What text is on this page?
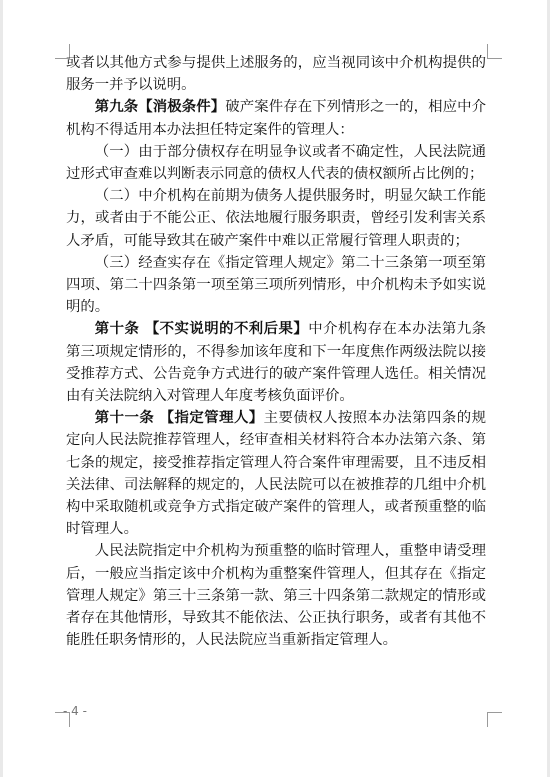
或者以其他方式参与提供上述服务的，应当视同该中介机构提供的服务一并予以说明。

第九条【消极条件】破产案件存在下列情形之一的，相应中介机构不得适用本办法担任特定案件的管理人：

（一）由于部分债权存在明显争议或者不确定性，人民法院通过形式审查难以判断表示同意的债权人代表的债权额所占比例的；

（二）中介机构在前期为债务人提供服务时，明显欠缺工作能力，或者由于不能公正、依法地履行服务职责，曾经引发利害关系人矛盾，可能导致其在破产案件中难以正常履行管理人职责的；

（三）经查实存在《指定管理人规定》第二十三条第一项至第四项、第二十四条第一项至第三项所列情形，中介机构未予如实说明的。

第十条 【不实说明的不利后果】中介机构存在本办法第九条第三项规定情形的，不得参加该年度和下一年度焦作两级法院以接受推荐方式、公告竞争方式进行的破产案件管理人选任。相关情况由有关法院纳入对管理人年度考核负面评价。

第十一条 【指定管理人】主要债权人按照本办法第四条的规定向人民法院推荐管理人，经审查相关材料符合本办法第六条、第七条的规定，接受推荐指定管理人符合案件审理需要，且不违反相关法律、司法解释的规定的，人民法院可以在被推荐的几组中介机构中采取随机或竞争方式指定破产案件的管理人，或者预重整的临时管理人。

人民法院指定中介机构为预重整的临时管理人，重整申请受理后，一般应当指定该中介机构为重整案件管理人，但其存在《指定管理人规定》第三十三条第一款、第三十四条第二款规定的情形或者存在其他情形，导致其不能依法、公正执行职务，或者有其他不能胜任职务情形的，人民法院应当重新指定管理人。

- 4 -
